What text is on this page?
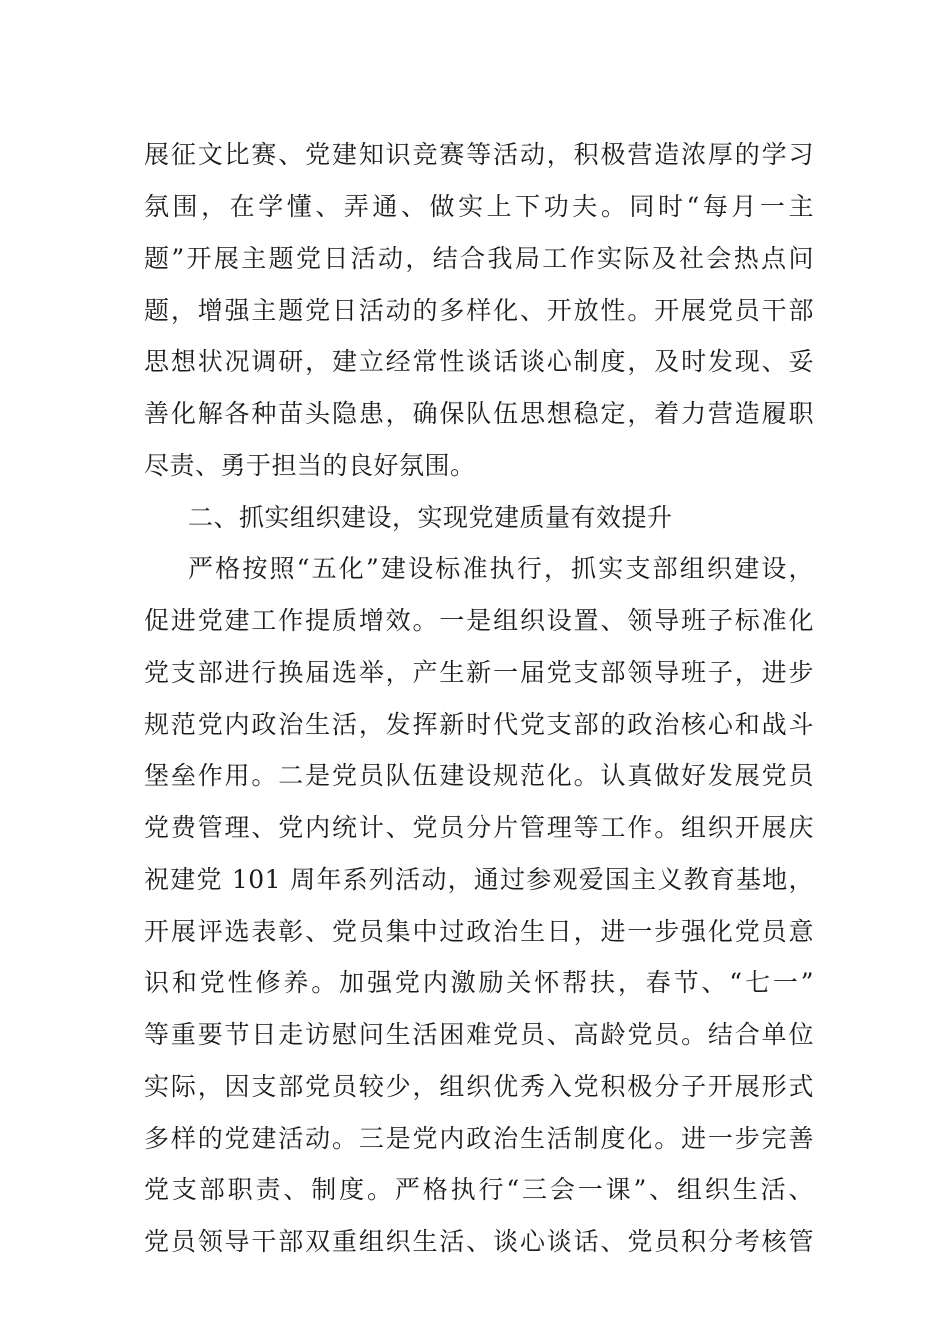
展征文比赛、党建知识竞赛等活动，积极营造浓厚的学习
氛围，在学懂、弄通、做实上下功夫。同时“每月一主
题”开展主题党日活动，结合我局工作实际及社会热点问
题，增强主题党日活动的多样化、开放性。开展党员干部
思想状况调研，建立经常性谈话谈心制度，及时发现、妥
善化解各种苗头隐患，确保队伍思想稳定，着力营造履职
尽责、勇于担当的良好氛围。
二、抓实组织建设，实现党建质量有效提升
严格按照“五化”建设标准执行，抓实支部组织建设，
促进党建工作提质增效。一是组织设置、领导班子标准化
党支部进行换届选举，产生新一届党支部领导班子，进步
规范党内政治生活，发挥新时代党支部的政治核心和战斗
堡垒作用。二是党员队伍建设规范化。认真做好发展党员
党费管理、党内统计、党员分片管理等工作。组织开展庆
祝建党 101 周年系列活动，通过参观爱国主义教育基地，
开展评选表彰、党员集中过政治生日，进一步强化党员意
识和党性修养。加强党内激励关怀帮扶，春节、“七一”
等重要节日走访慰问生活困难党员、高龄党员。结合单位
实际，因支部党员较少，组织优秀入党积极分子开展形式
多样的党建活动。三是党内政治生活制度化。进一步完善
党支部职责、制度。严格执行“三会一课”、组织生活、
党员领导干部双重组织生活、谈心谈话、党员积分考核管
